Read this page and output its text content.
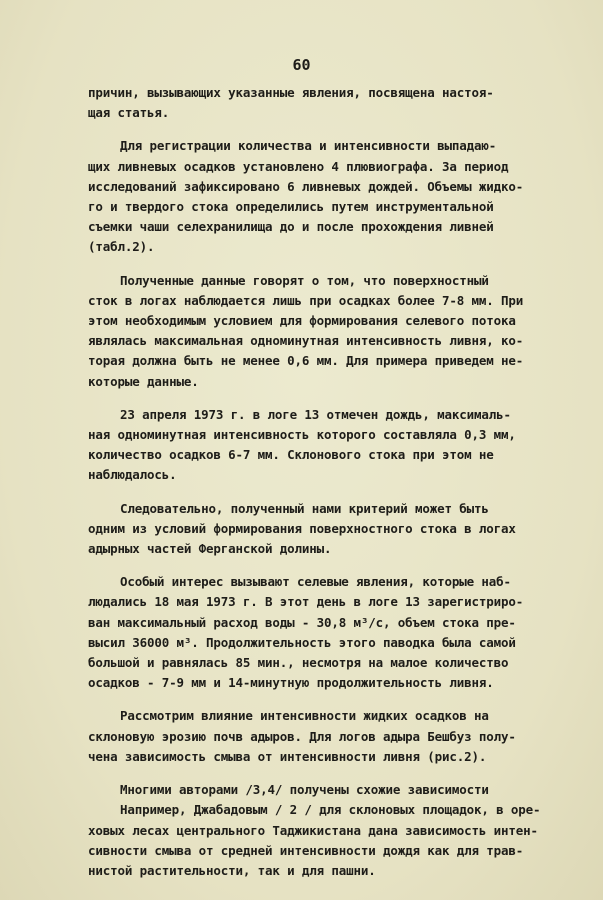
60
причин, вызывающих указанные явления, посвящена настоя-
щая статья.
Для регистрации количества и интенсивности выпадаю-
щих ливневых осадков установлено 4 плювиографа. За период
исследований зафиксировано 6 ливневых дождей. Объемы жидко-
го и твердого стока определились путем инструментальной
съемки чаши селехранилища до и после прохождения ливней
(табл.2).
Полученные данные говорят о том, что поверхностный
сток в логах наблюдается лишь при осадках более 7-8 мм. При
этом необходимым условием для формирования селевого потока
являлась максимальная одноминутная интенсивность ливня, ко-
торая должна быть не менее 0,6 мм. Для примера приведем не-
которые данные.
23 апреля 1973 г. в логе 13 отмечен дождь, максималь-
ная одноминутная интенсивность которого составляла 0,3 мм,
количество осадков 6-7 мм. Склонового стока при этом не
наблюдалось.
Следовательно, полученный нами критерий может быть
одним из условий формирования поверхностного стока в логах
адырных частей Ферганской долины.
Особый интерес вызывают селевые явления, которые наб-
людались 18 мая 1973 г. В этот день в логе 13 зарегистриро-
ван максимальный расход воды - 30,8 м³/с, объем стока пре-
высил 36000 м³. Продолжительность этого паводка была самой
большой и равнялась 85 мин., несмотря на малое количество
осадков - 7-9 мм и 14-минутную продолжительность ливня.
Рассмотрим влияние интенсивности жидких осадков на
склоновую эрозию почв адыров. Для логов адыра Бешбуз полу-
чена зависимость смыва от интенсивности ливня (рис.2).
Многими авторами /3,4/ получены схожие зависимости
Например, Джабадовым / 2 / для склоновых площадок, в оре-
ховых лесах центрального Таджикистана дана зависимость интен-
сивности смыва от средней интенсивности дождя как для трав-
нистой растительности, так и для пашни.
